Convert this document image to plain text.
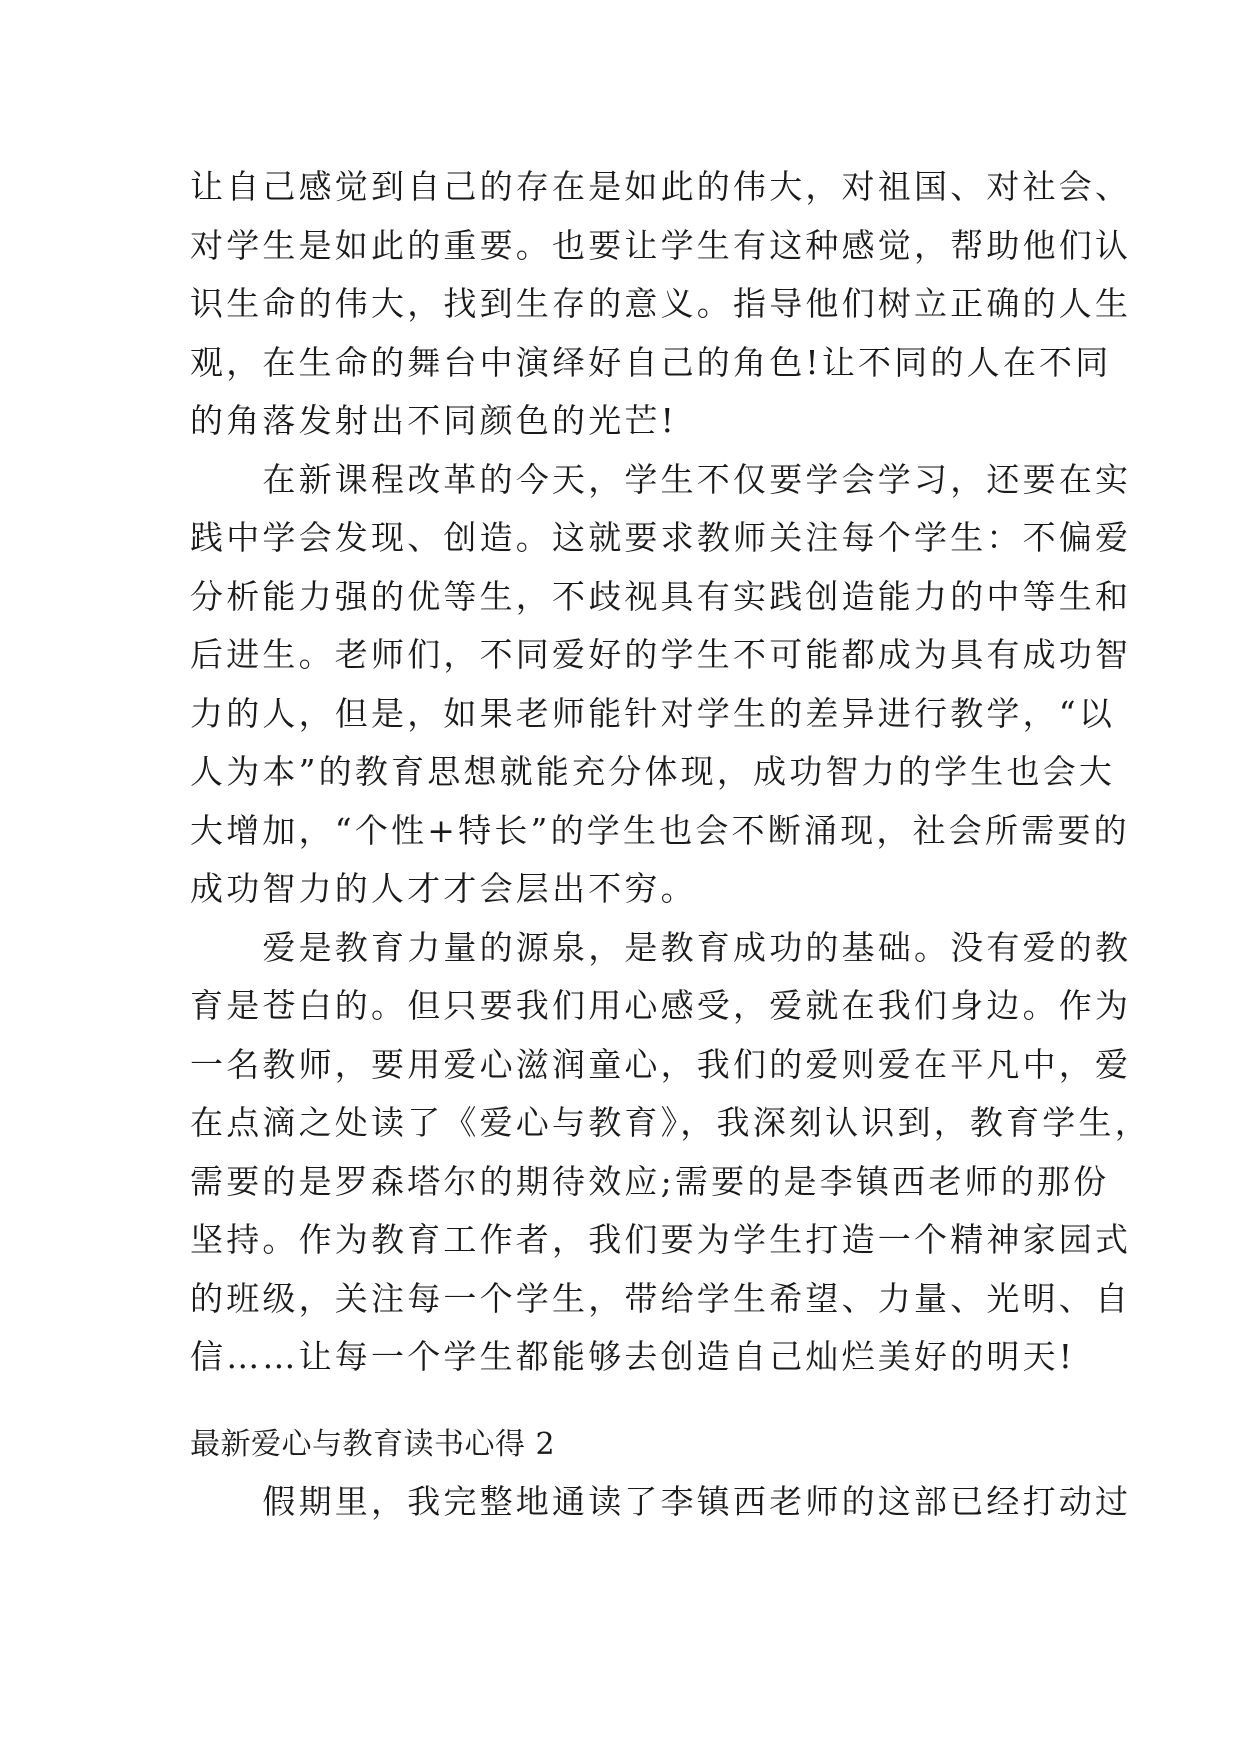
让自己感觉到自己的存在是如此的伟大，对祖国、对社会、
对学生是如此的重要。也要让学生有这种感觉，帮助他们认
识生命的伟大，找到生存的意义。指导他们树立正确的人生
观，在生命的舞台中演绎好自己的角色!让不同的人在不同
的角落发射出不同颜色的光芒!
　　在新课程改革的今天，学生不仅要学会学习，还要在实
践中学会发现、创造。这就要求教师关注每个学生：不偏爱
分析能力强的优等生，不歧视具有实践创造能力的中等生和
后进生。老师们，不同爱好的学生不可能都成为具有成功智
力的人，但是，如果老师能针对学生的差异进行教学，“以
人为本”的教育思想就能充分体现，成功智力的学生也会大
大增加，“个性+特长”的学生也会不断涌现，社会所需要的
成功智力的人才才会层出不穷。
　　爱是教育力量的源泉，是教育成功的基础。没有爱的教
育是苍白的。但只要我们用心感受，爱就在我们身边。作为
一名教师，要用爱心滋润童心，我们的爱则爱在平凡中，爱
在点滴之处读了《爱心与教育》，我深刻认识到，教育学生，
需要的是罗森塔尔的期待效应;需要的是李镇西老师的那份
坚持。作为教育工作者，我们要为学生打造一个精神家园式
的班级，关注每一个学生，带给学生希望、力量、光明、自
信……让每一个学生都能够去创造自己灿烂美好的明天!
最新爱心与教育读书心得 2
　　假期里，我完整地通读了李镇西老师的这部已经打动过
